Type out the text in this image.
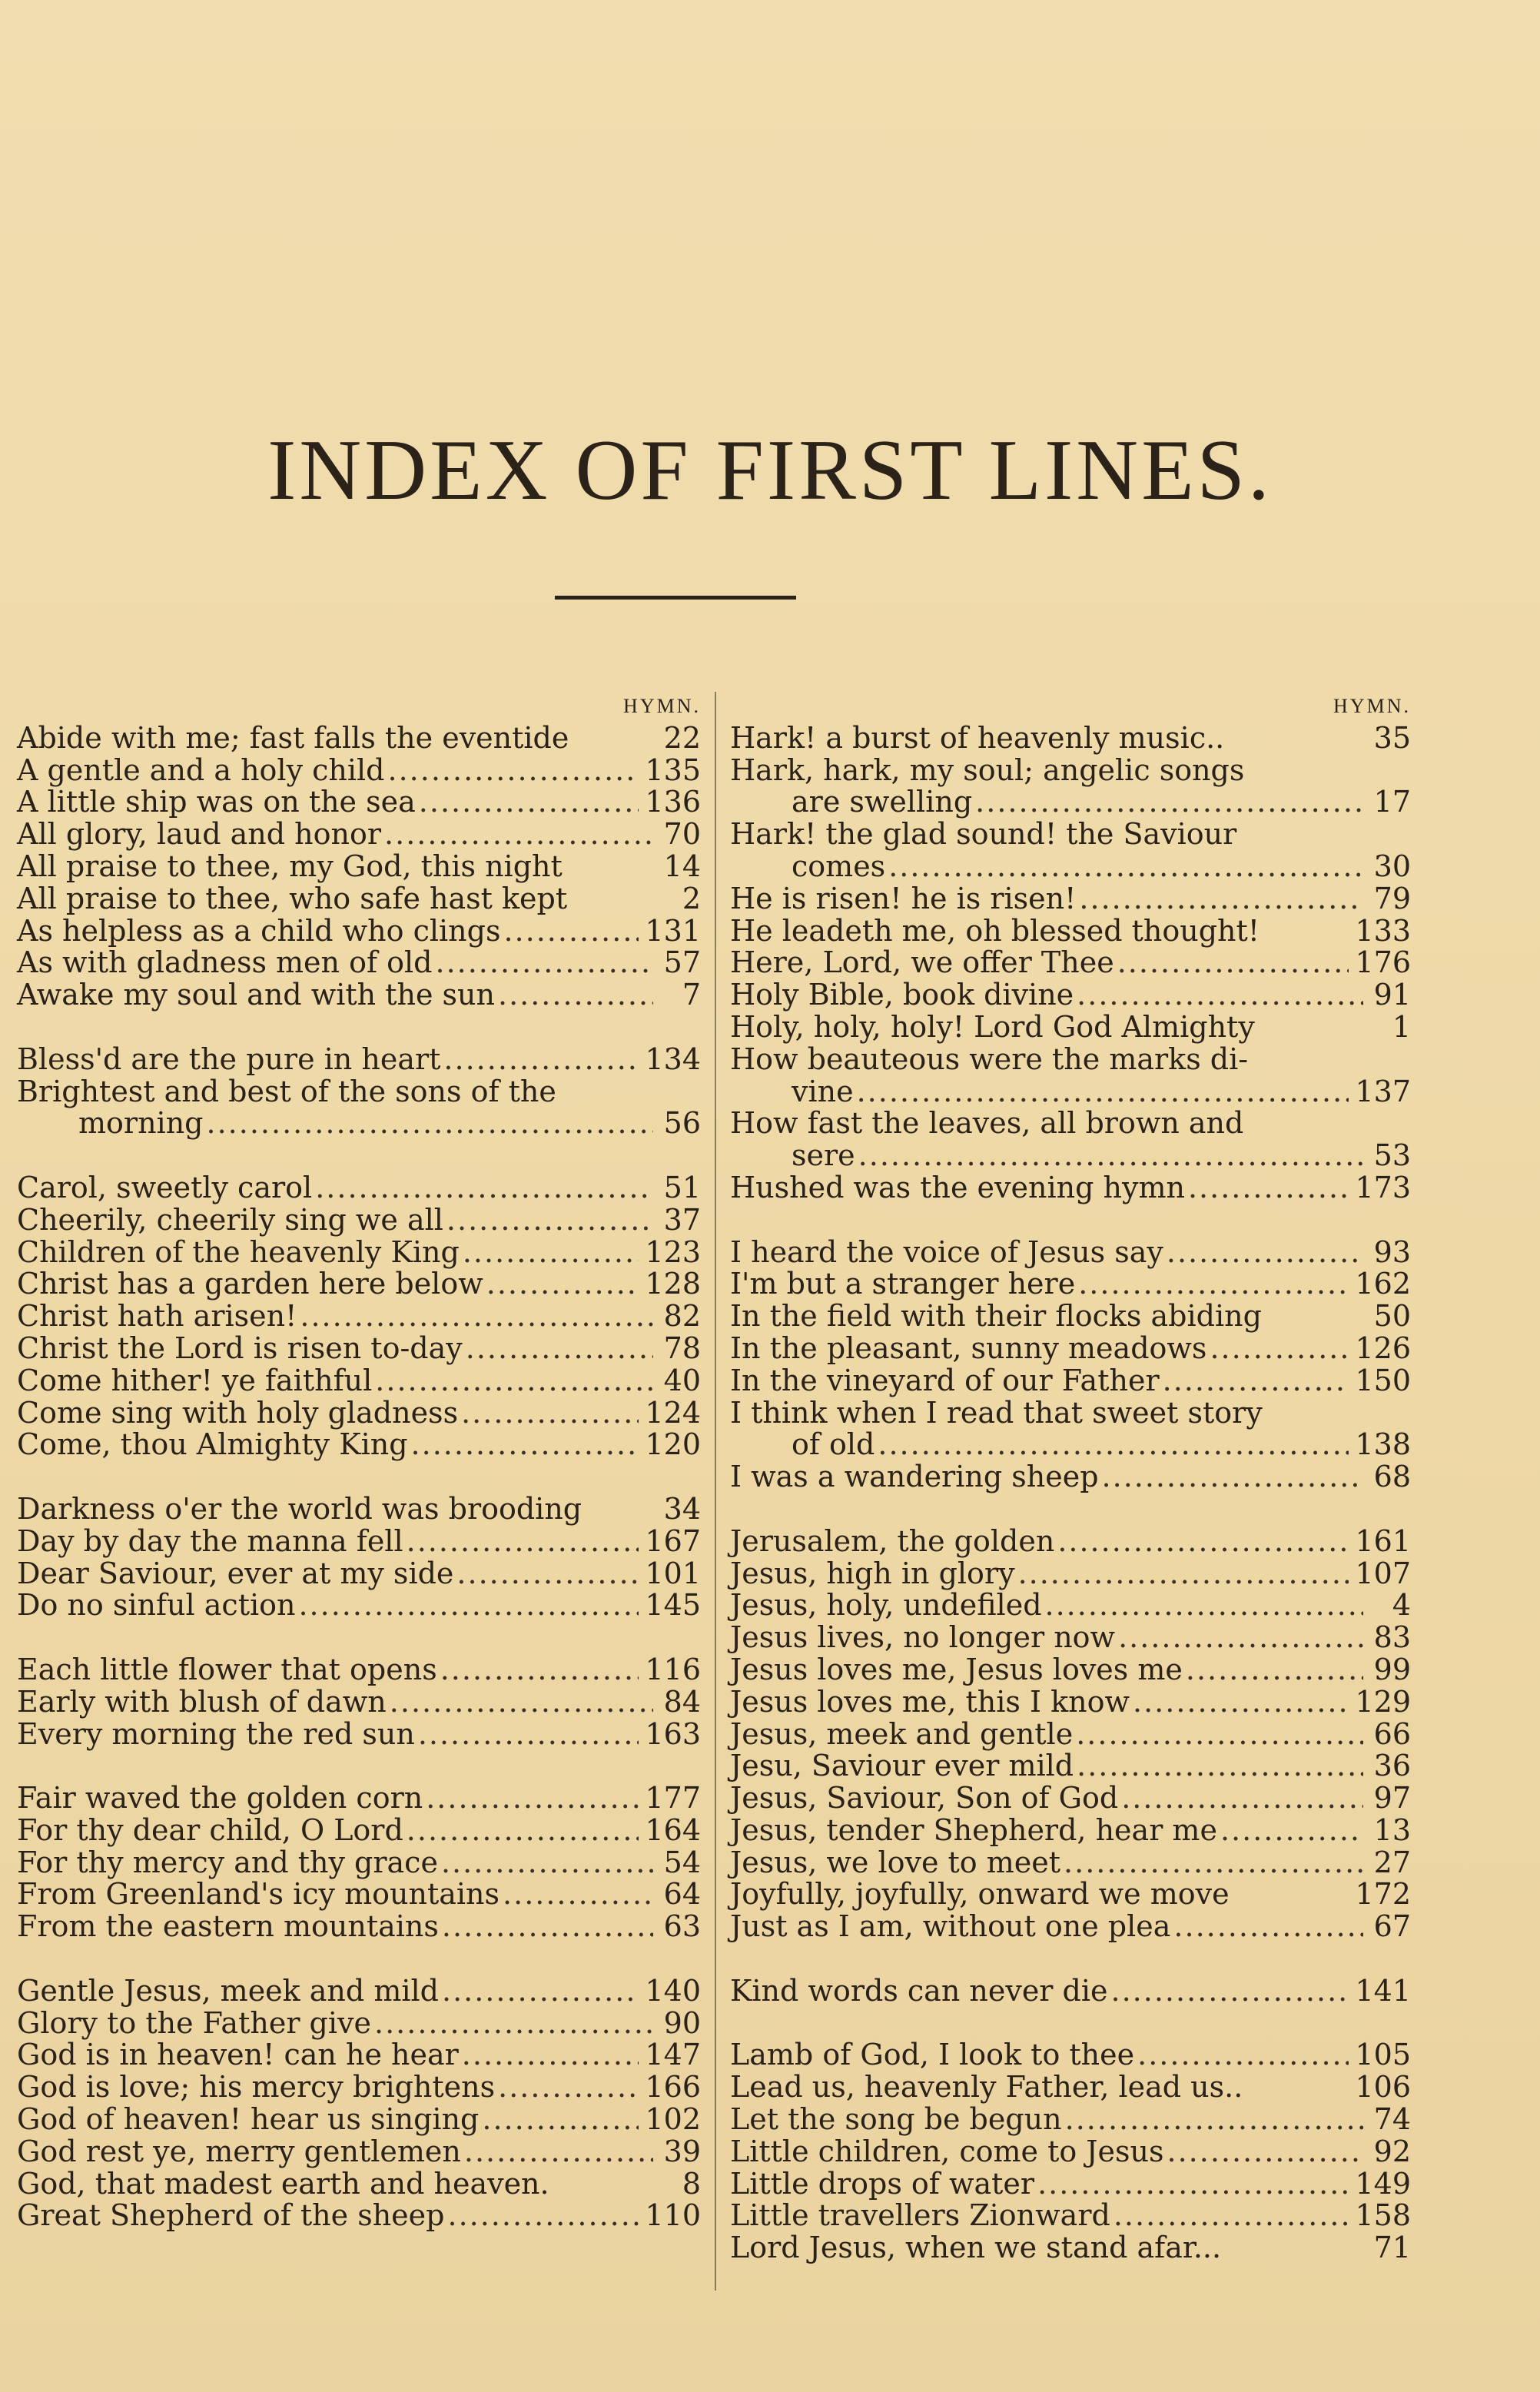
INDEX OF FIRST LINES.
HYMN.
Abide with me; fast falls the eventide	22
A gentle and a holy child .....	135
A little ship was on the sea .....	136
All glory, laud and honor .....	70
All praise to thee, my God, this night	14
All praise to thee, who safe hast kept	2
As helpless as a child who clings .....	131
As with gladness men of old .....	57
Awake my soul and with the sun .....	7
Bless'd are the pure in heart .....	134
Brightest and best of the sons of the
morning .....	56
Carol, sweetly carol .....	51
Cheerily, cheerily sing we all .....	37
Children of the heavenly King .....	123
Christ has a garden here below .....	128
Christ hath arisen! .....	82
Christ the Lord is risen to-day .....	78
Come hither! ye faithful .....	40
Come sing with holy gladness .....	124
Come, thou Almighty King .....	120
Darkness o'er the world was brooding	34
Day by day the manna fell .....	167
Dear Saviour, ever at my side .....	101
Do no sinful action .....	145
Each little flower that opens .....	116
Early with blush of dawn .....	84
Every morning the red sun .....	163
Fair waved the golden corn .....	177
For thy dear child, O Lord .....	164
For thy mercy and thy grace .....	54
From Greenland's icy mountains .....	64
From the eastern mountains .....	63
Gentle Jesus, meek and mild .....	140
Glory to the Father give .....	90
God is in heaven! can he hear .....	147
God is love; his mercy brightens .....	166
God of heaven! hear us singing .....	102
God rest ye, merry gentlemen .....	39
God, that madest earth and heaven.	8
Great Shepherd of the sheep .....	110
HYMN.
Hark! a burst of heavenly music..	35
Hark, hark, my soul; angelic songs
are swelling .....	17
Hark! the glad sound! the Saviour
comes .....	30
He is risen! he is risen! .....	79
He leadeth me, oh blessed thought!	133
Here, Lord, we offer Thee .....	176
Holy Bible, book divine .....	91
Holy, holy, holy! Lord God Almighty	1
How beauteous were the marks di-
vine .....	137
How fast the leaves, all brown and
sere .....	53
Hushed was the evening hymn .....	173
I heard the voice of Jesus say .....	93
I'm but a stranger here .....	162
In the field with their flocks abiding	50
In the pleasant, sunny meadows .....	126
In the vineyard of our Father .....	150
I think when I read that sweet story
of old .....	138
I was a wandering sheep .....	68
Jerusalem, the golden .....	161
Jesus, high in glory .....	107
Jesus, holy, undefiled .....	4
Jesus lives, no longer now .....	83
Jesus loves me, Jesus loves me .....	99
Jesus loves me, this I know .....	129
Jesus, meek and gentle .....	66
Jesu, Saviour ever mild .....	36
Jesus, Saviour, Son of God .....	97
Jesus, tender Shepherd, hear me .....	13
Jesus, we love to meet .....	27
Joyfully, joyfully, onward we move	172
Just as I am, without one plea .....	67
Kind words can never die .....	141
Lamb of God, I look to thee .....	105
Lead us, heavenly Father, lead us..	106
Let the song be begun .....	74
Little children, come to Jesus .....	92
Little drops of water .....	149
Little travellers Zionward .....	158
Lord Jesus, when we stand afar...	71
